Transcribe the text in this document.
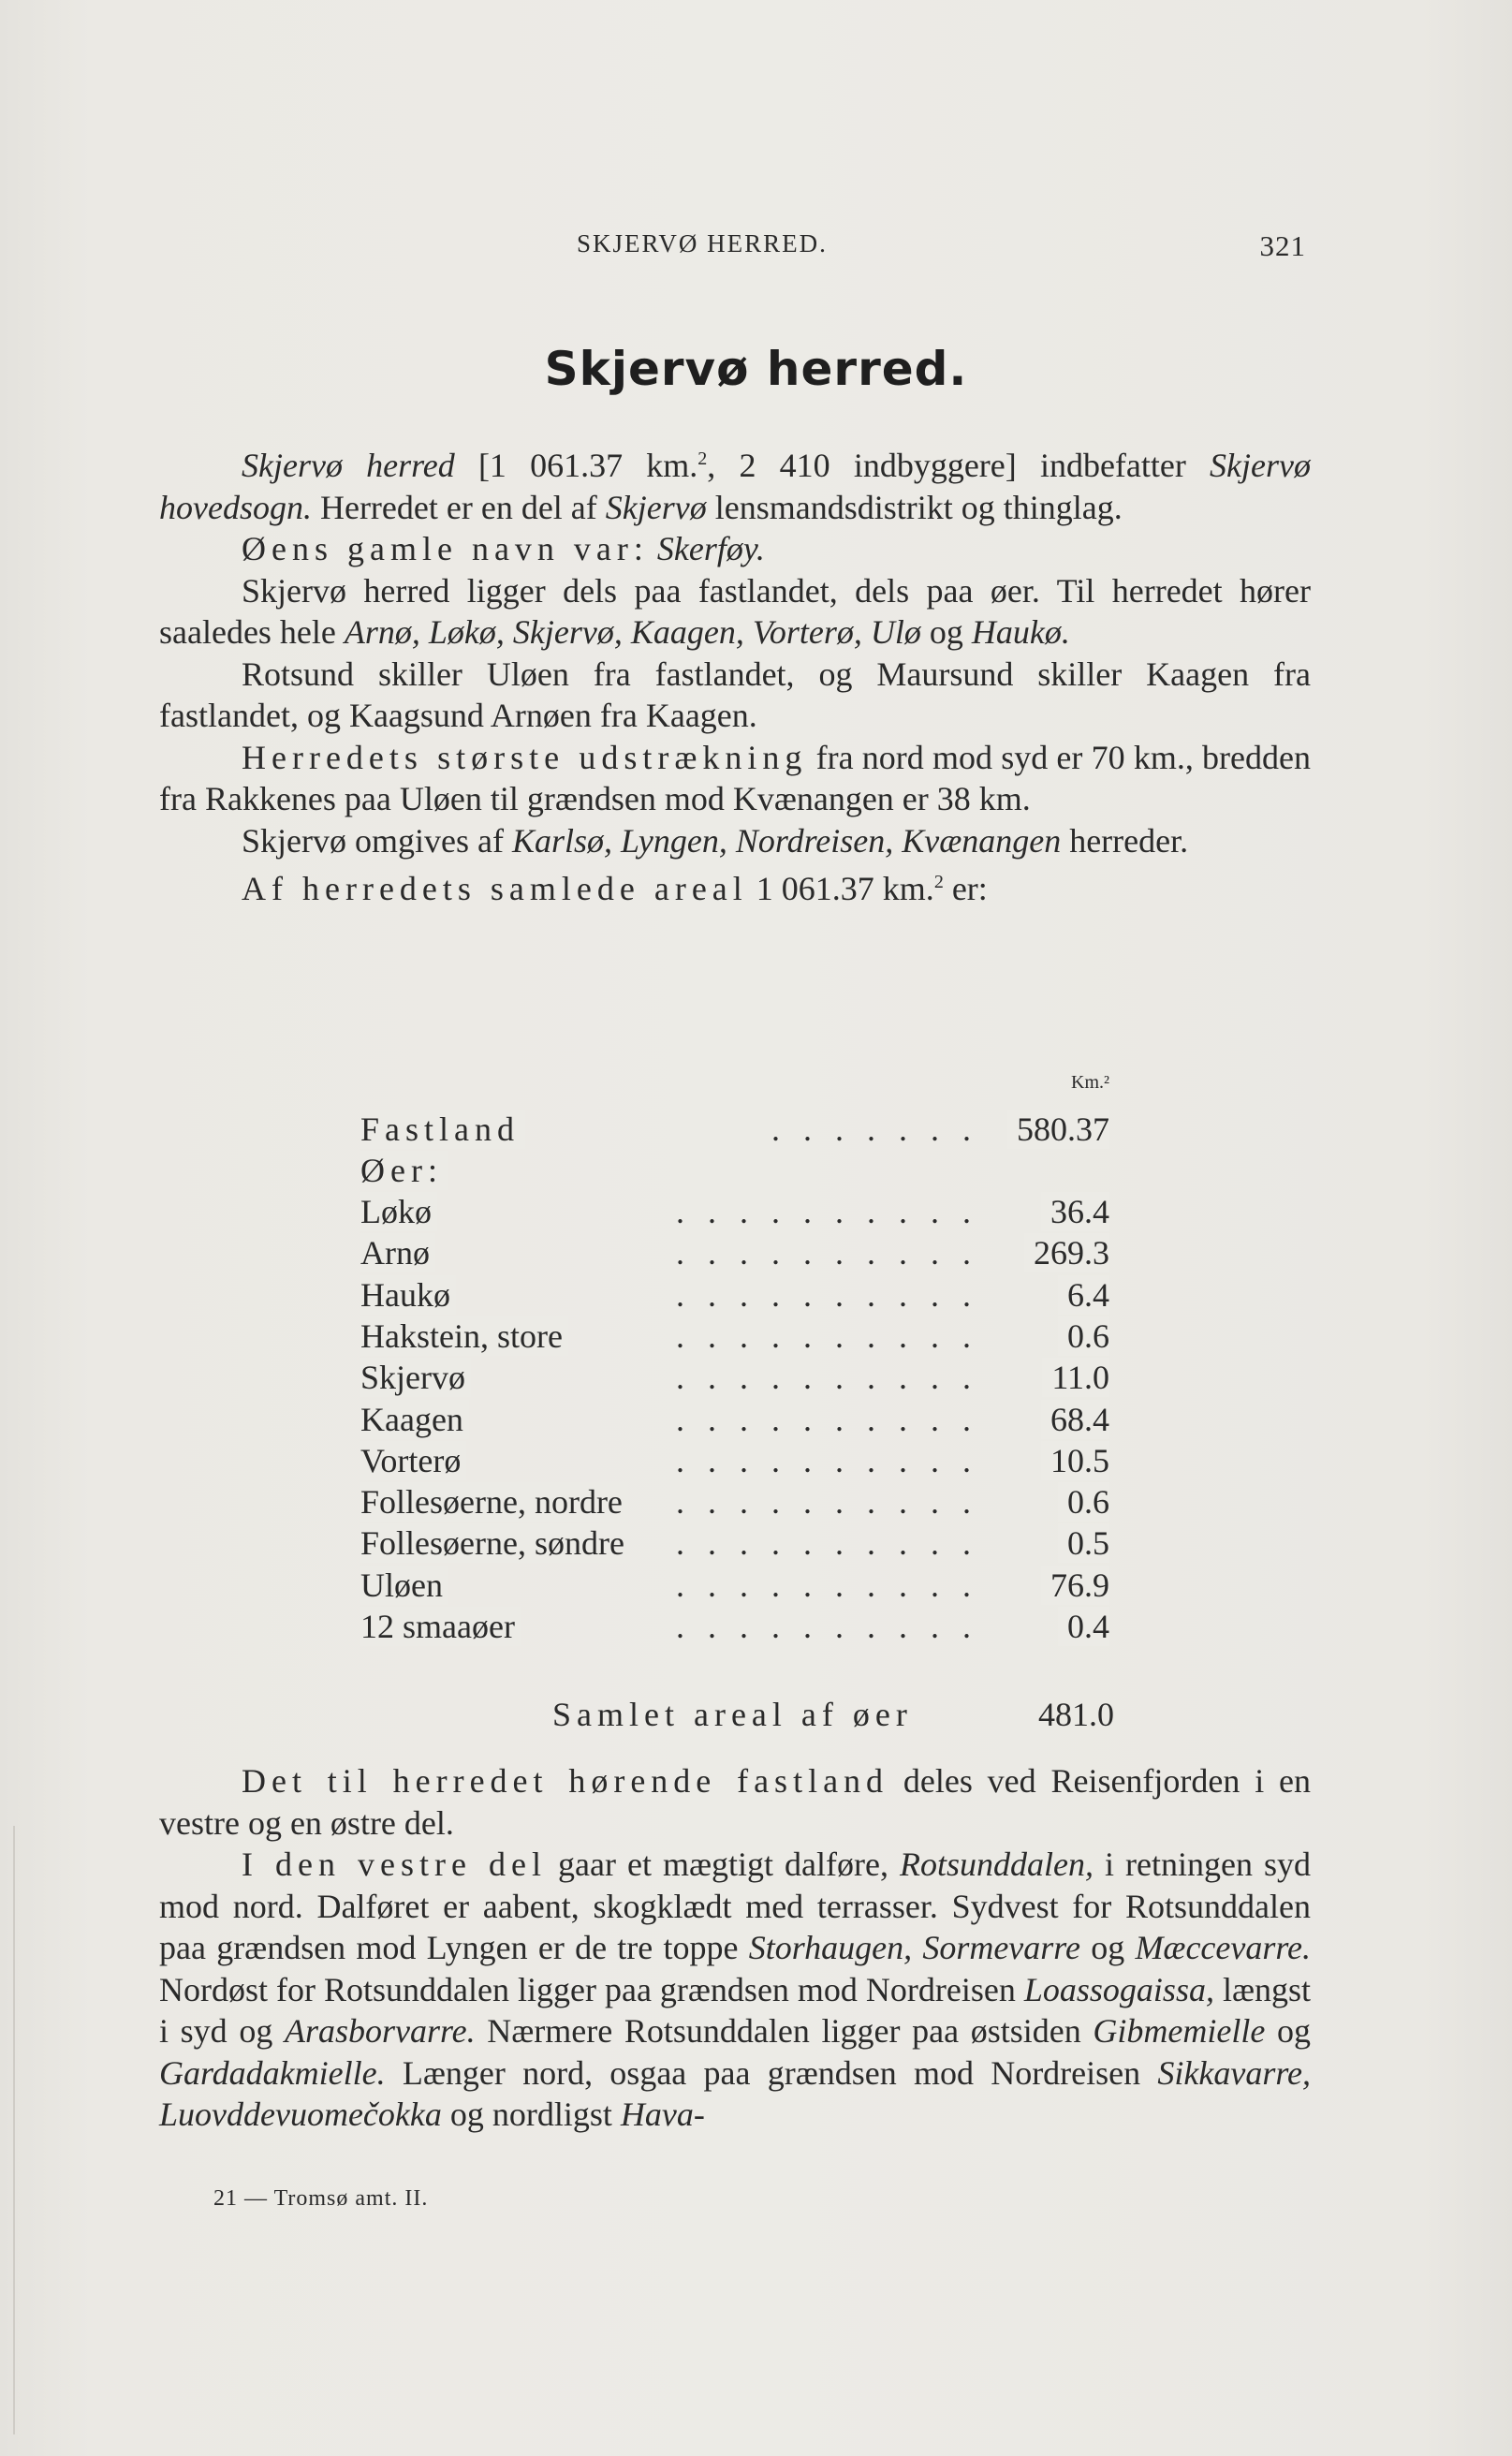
SKJERVØ HERRED.	321
Skjervø herred.

Skjervø herred [1 061.37 km.$^2$, 2 410 indbyggere] indbefatter Skjervø hovedsogn. Herredet er en del af Skjervø lensmandsdistrikt og thinglag.

Øens gamle navn var: Skerføy.

Skjervø herred ligger dels paa fastlandet, dels paa øer. Til herredet hører saaledes hele Arnø, Løkø, Skjervø, Kaagen, Vorterø, Ulø og Haukø.

Rotsund skiller Uløen fra fastlandet, og Maursund skiller Kaagen fra fastlandet, og Kaagsund Arnøen fra Kaagen.

Herredets største udstrækning fra nord mod syd er 70 km., bredden fra Rakkenes paa Uløen til grændsen mod Kvænangen er 38 km.

Skjervø omgives af Karlsø, Lyngen, Nordreisen, Kvænangen herreder.

Af herredets samlede areal 1 061.37 km.$^2$ er:

Km.²
Fastland	. . . . . . . 580.37
Øer:
. . . . . . . . . .
Løkø	36.4
. . . . . . . . . .
Arnø	269.3
. . . . . . . . . .
Haukø	6.4
. . . . . . . . . .
Hakstein, store	0.6
. . . . . . . . . .
Skjervø	11.0
. . . . . . . . . .
Kaagen	68.4
. . . . . . . . . .
Vorterø	10.5
. . . . . . . . . .
Follesøerne, nordre	0.6
. . . . . . . . . .
Follesøerne, søndre	0.5
. . . . . . . . . .
Uløen	76.9
. . . . . . . . . .
12 smaaøer	0.4
Samlet areal af øer	481.0

Det til herredet hørende fastland deles ved Reisenfjorden i en vestre og en østre del.

I den vestre del gaar et mægtigt dalføre, Rotsunddalen, i retningen syd mod nord. Dalføret er aabent, skogklædt med terrasser. Sydvest for Rotsunddalen paa grændsen mod Lyngen er de tre toppe Storhaugen, Sormevarre og Mæccevarre. Nordøst for Rotsunddalen ligger paa grændsen mod Nordreisen Loassogaissa, længst i syd og Arasborvarre. Nærmere Rotsunddalen ligger paa østsiden Gibmemielle og Gardadakmielle. Længer nord, osgaa paa grændsen mod Nordreisen Sikkavarre, Luovddevuomečokka og nordligst Hava-

21 — Tromsø amt. II.
